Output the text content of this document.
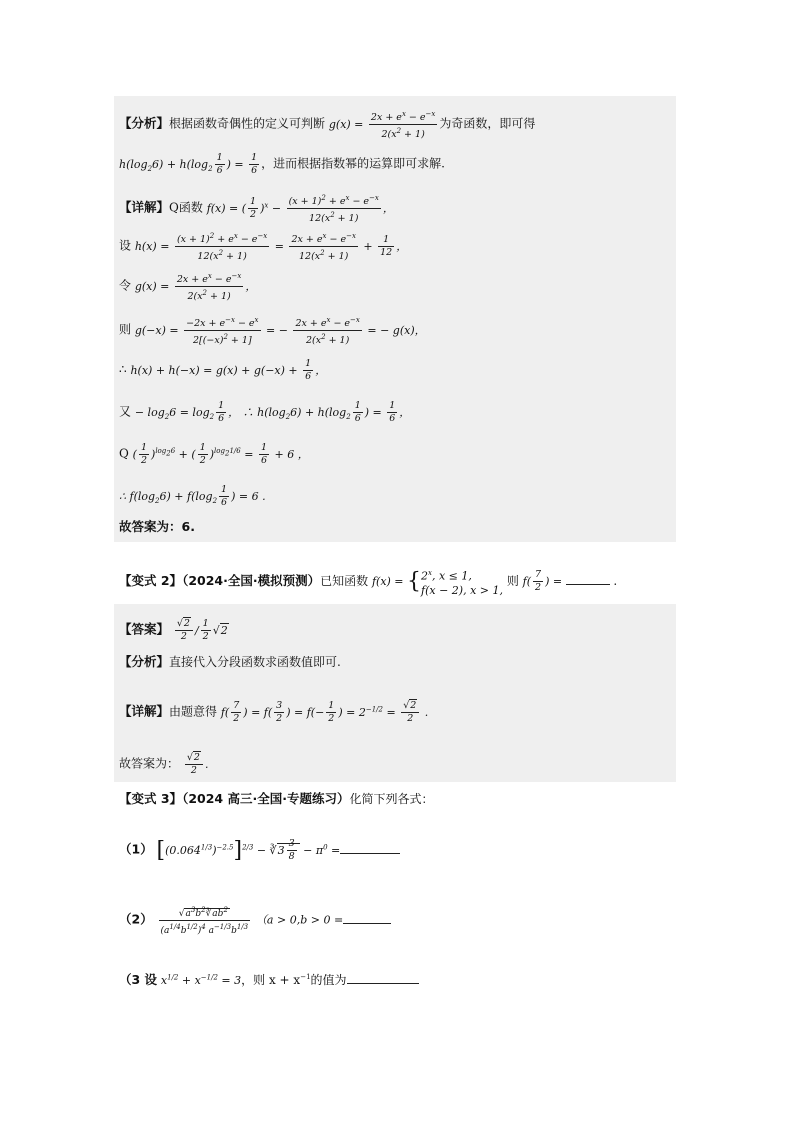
【分析】根据函数奇偶性的定义可判断 $g(x) = \frac{2x + e^x - e^{-x}}{2(x^2 + 1)}$ 为奇函数，即可得
$h(\log_26) + h(\log_2 \frac{1}{6}$ ) = $\frac{1}{6}$ ，进而根据指数幂的运算即可求解.
【详解】Q函数 f(x) = ( $\frac{1}{2} )^x - \frac{(x + 1)^2 + e^x - e^{-x}}{12(x^2 + 1)}$ ，
设 $h(x) = \frac{(x + 1)^2 + e^x - e^{-x}}{12(x^2 + 1)} = \frac{2x + e^x - e^{-x}}{12(x^2 + 1)} + \frac{1}{12}$ ，
令 $g(x) = \frac{2x + e^x - e^{-x}}{2(x^2 + 1)}$ ，
则 $g(-x) = \frac{-2x + e^{-x} - e^x}{2[(-x)^2 + 1]}$ = − $\frac{2x + e^x - e^{-x}}{2(x^2 + 1)}$ = − g(x)，
∴ $h(x) + h(-x) = g(x) + g(-x) + \frac{1}{6}$ ，
又 − $\log_26 = \log_2 \frac{1}{6}$ ， ∴ $h(\log_26) + h(\log_2 \frac{1}{6}$ ) = $\frac{1}{6}$ ，
Q ( $\frac{1}{2} )^{log_26}$ + ( $\frac{1}{2} )^{log_21/6} = \frac{1}{6} + 6$ ，
∴ $f(\log_26) + f(\log_2 \frac{1}{6}$ ) = 6 .
故答案为：6.
【变式 2】（2024·全国·模拟预测）已知函数 $f(x) = \{2^x$, x ≤ 1,
f(x − 2), x > 1, 则 $f( \frac{7}{2}$ ) =	.
【答案】 $\frac{√2}{2} / \frac{1}{2} √2$
【分析】直接代入分段函数求函数值即可.
【详解】由题意得 $f( \frac{7}{2}$ ) = $f( \frac{3}{2}$ ) = $f(- \frac{1}{2}$ ) = $2^{-1/2} = \frac{√2}{2}$ .
故答案为： $\frac{√2}{2}$ .
【变式 3】（2024 高三·全国·专题练习）化简下列各式：
（1） $[(0.064^{1/3})^{-2.5}]^{2/3}$ − ∛3 $\frac{3}{8} - \pi^0$ =
$(2) \frac{√a^3b^2∛ab^2}{(a^{1/4}b^{1/2})^4 a^{-1/3}b^{1/3}} (a > 0,b > 0$ =
（3 设 $x^{1/2} + x^{-1/2} = 3$，则 $x + x^{-1}$的值为
